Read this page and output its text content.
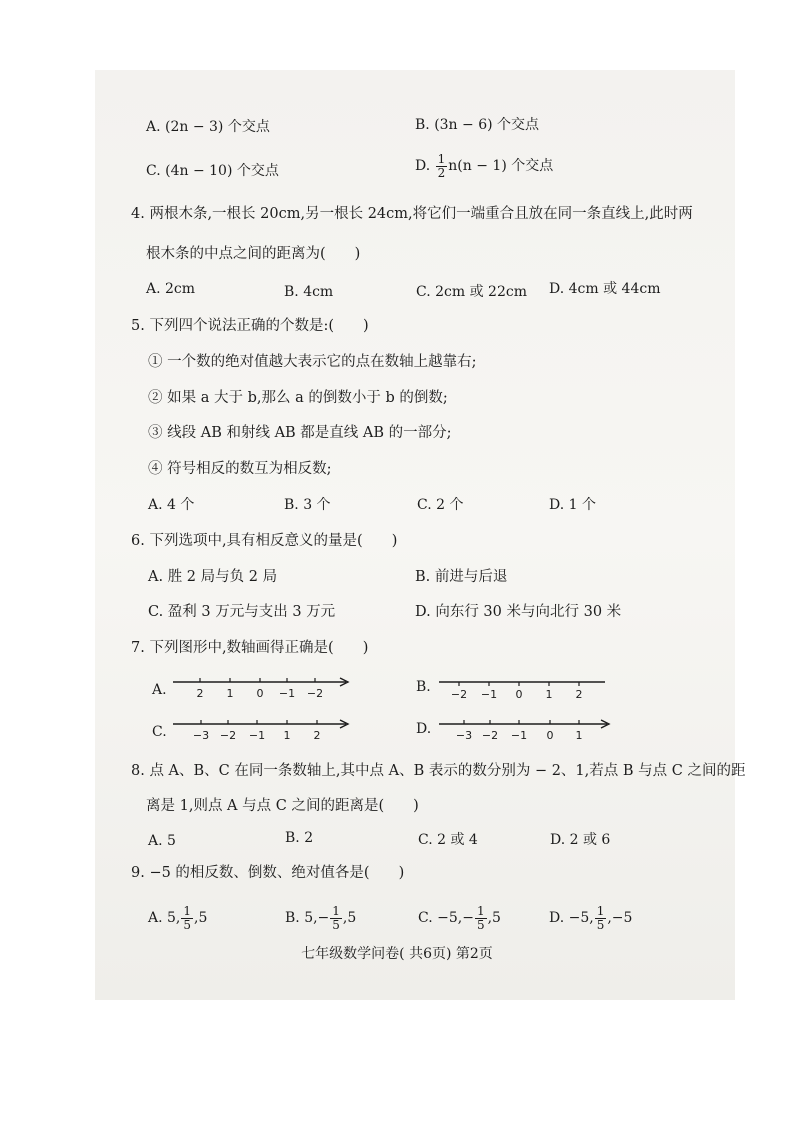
A. (2n − 3) 个交点	B. (3n − 6) 个交点
C. (4n − 10) 个交点	D. $\frac{1}{2} n(n - 1)$ 个交点
4. 两根木条,一根长 20cm,另一根长 24cm,将它们一端重合且放在同一条直线上,此时两
根木条的中点之间的距离为(　　)
A. 2cm	B. 4cm	C. 2cm 或 22cm D. 4cm 或 44cm
5. 下列四个说法正确的个数是:(　　)
① 一个数的绝对值越大表示它的点在数轴上越靠右;
② 如果 a 大于 b,那么 a 的倒数小于 b 的倒数;
③ 线段 AB 和射线 AB 都是直线 AB 的一部分;
④ 符号相反的数互为相反数;
A. 4 个	B. 3 个	C. 2 个	D. 1 个
6. 下列选项中,具有相反意义的量是(　　)
A. 胜 2 局与负 2 局	B. 前进与后退
C. 盈利 3 万元与支出 3 万元	D. 向东行 30 米与向北行 30 米
7. 下列图形中,数轴画得正确是(　　)
A.	B.
C.	D.
2 1 0 −1 −2	−2 −1 0 1 2
−3 −2 −1 1 2	−3 −2 −1 0 1
8. 点 A、B、C 在同一条数轴上,其中点 A、B 表示的数分别为 − 2、1,若点 B 与点 C 之间的距
离是 1,则点 A 与点 C 之间的距离是(　　)
A. 5	B. 2	C. 2 或 4	D. 2 或 6
9. −5 的相反数、倒数、绝对值各是(　　)
A. 5, $\frac{1}{5} ,5$	B. $5,- \frac{1}{5} ,5$	C. $-5,- \frac{1}{5} ,5$	D. −5, $\frac{1}{5} ,-5$
七年级数学问卷( 共6页) 第2页
